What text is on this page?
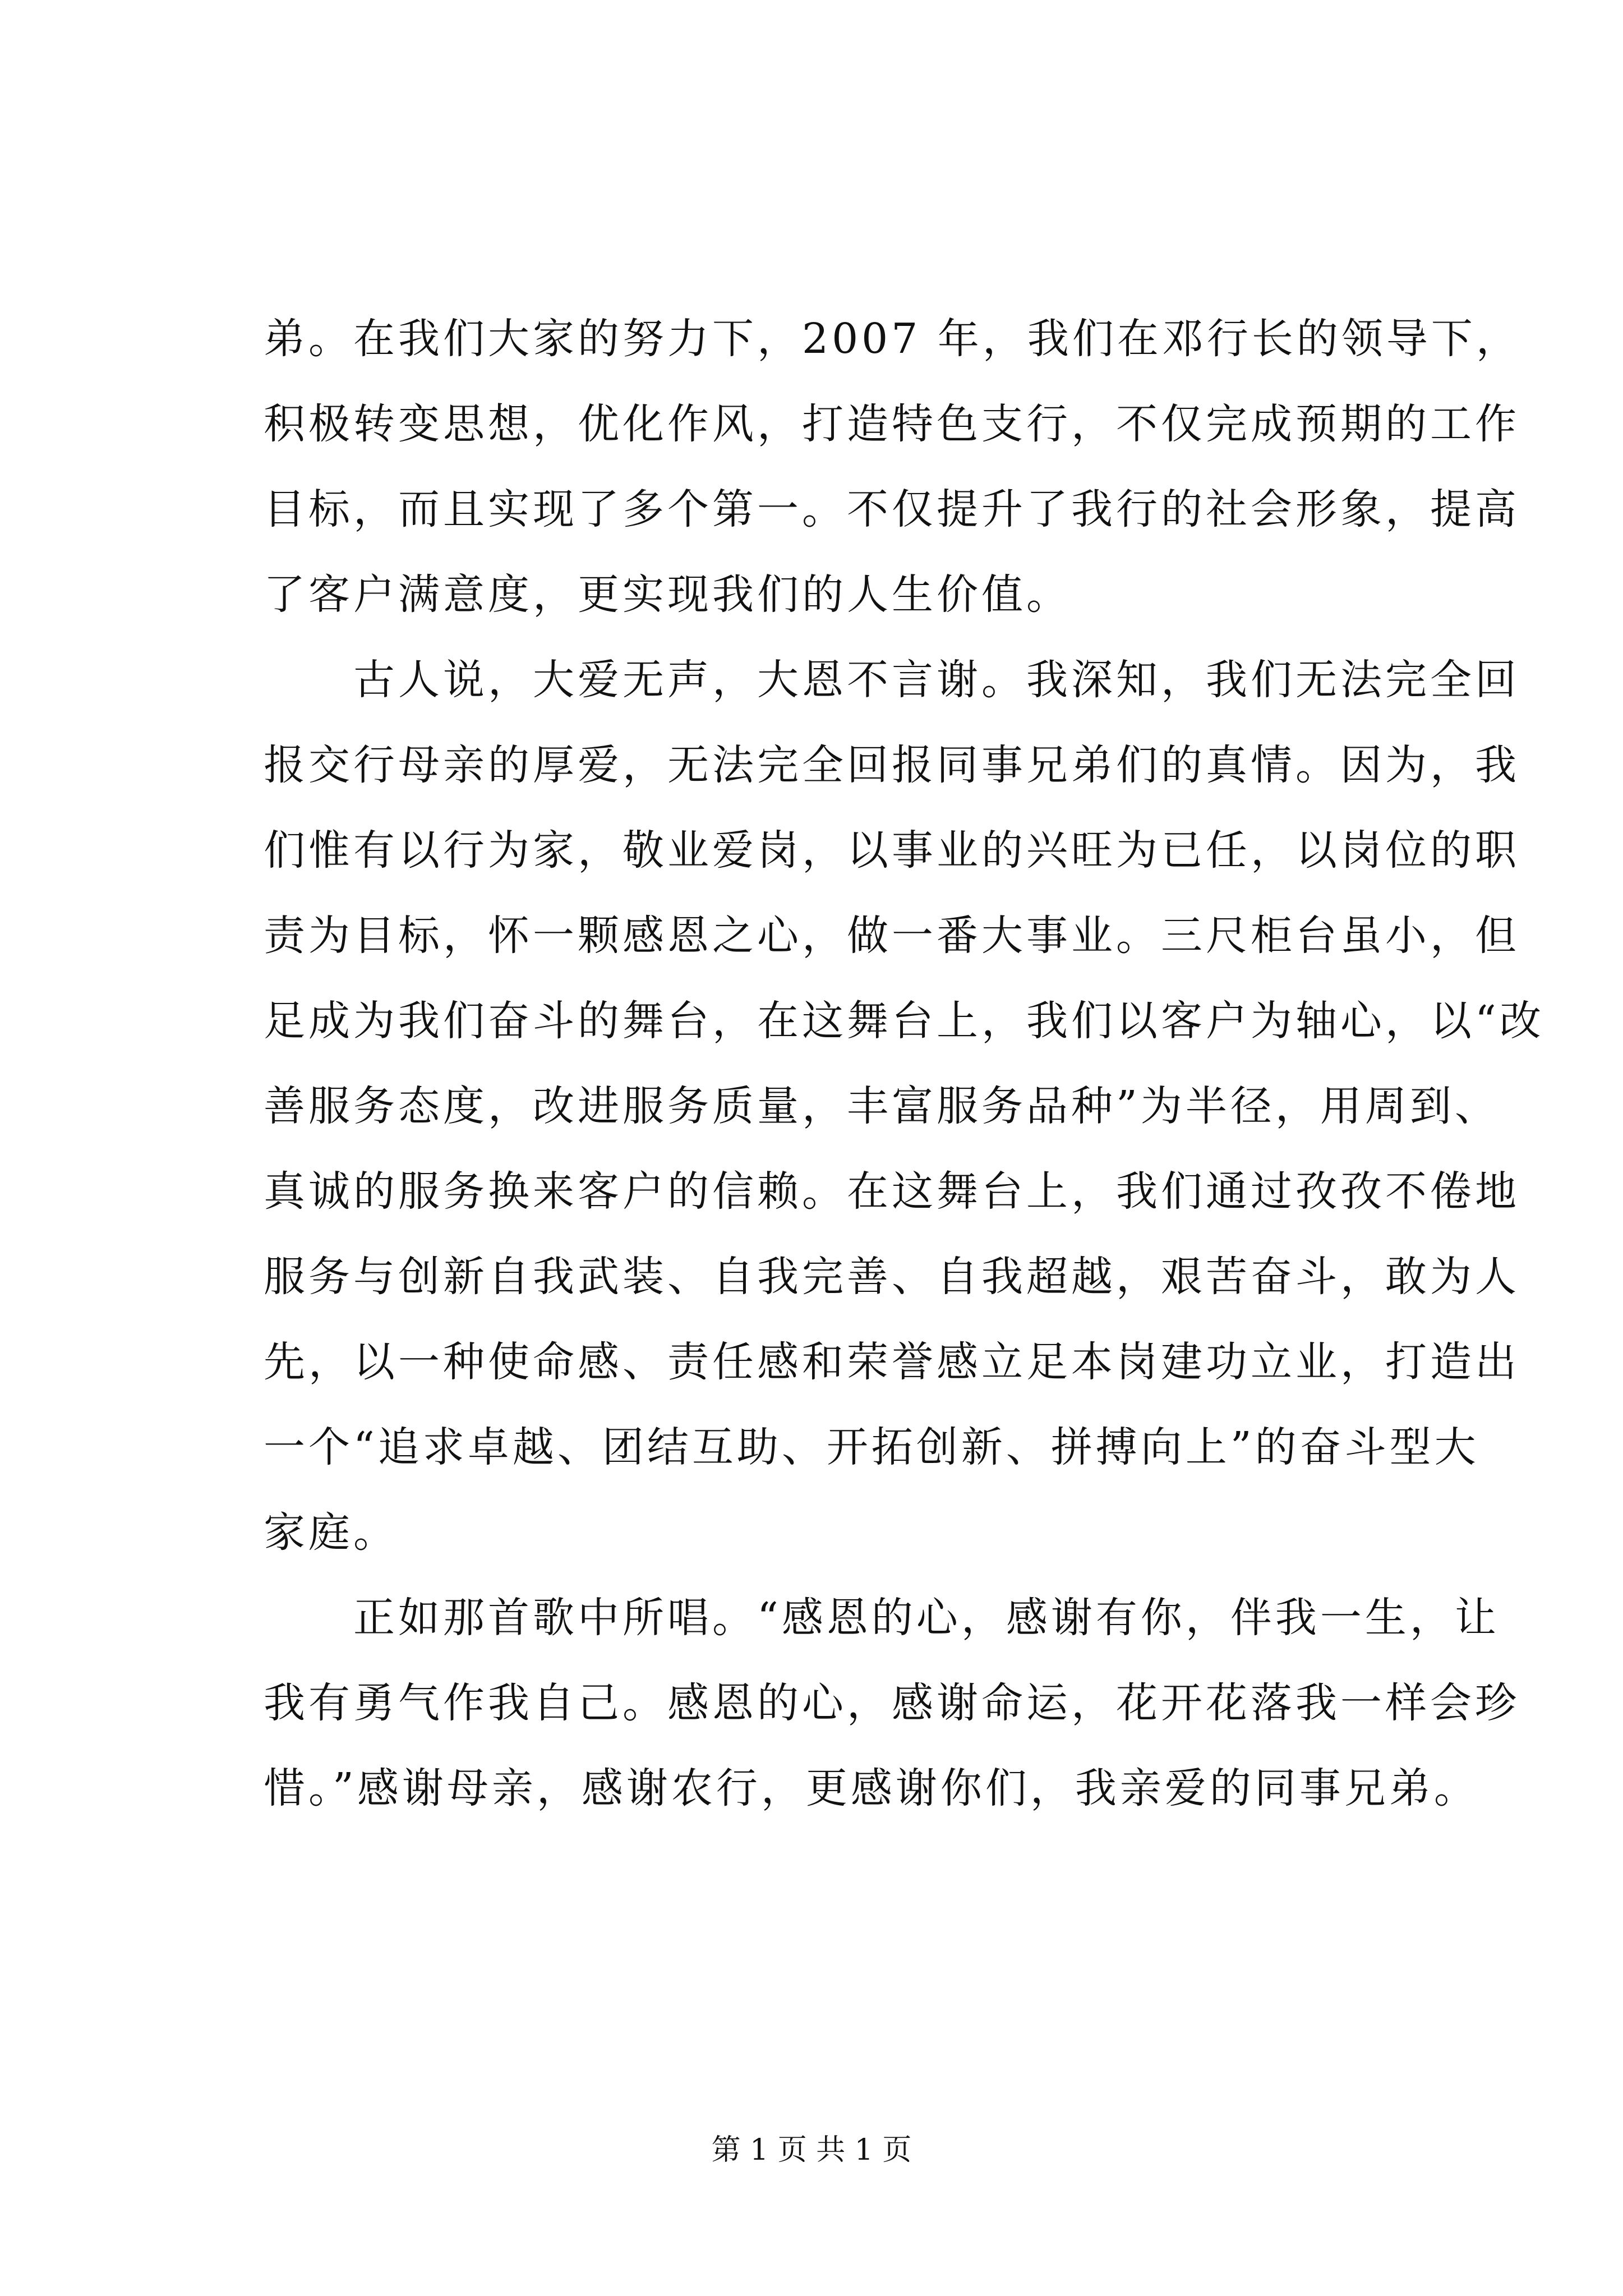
弟。在我们大家的努力下，2007 年，我们在邓行长的领导下，
积极转变思想，优化作风，打造特色支行，不仅完成预期的工作
目标，而且实现了多个第一。不仅提升了我行的社会形象，提高
了客户满意度，更实现我们的人生价值。
　　古人说，大爱无声，大恩不言谢。我深知，我们无法完全回
报交行母亲的厚爱，无法完全回报同事兄弟们的真情。因为，我
们惟有以行为家，敬业爱岗，以事业的兴旺为已任，以岗位的职
责为目标，怀一颗感恩之心，做一番大事业。三尺柜台虽小，但
足成为我们奋斗的舞台，在这舞台上，我们以客户为轴心，以“改
善服务态度，改进服务质量，丰富服务品种”为半径，用周到、
真诚的服务换来客户的信赖。在这舞台上，我们通过孜孜不倦地
服务与创新自我武装、自我完善、自我超越，艰苦奋斗，敢为人
先，以一种使命感、责任感和荣誉感立足本岗建功立业，打造出
一个“追求卓越、团结互助、开拓创新、拼搏向上”的奋斗型大
家庭。
　　正如那首歌中所唱。“感恩的心，感谢有你，伴我一生，让
我有勇气作我自己。感恩的心，感谢命运，花开花落我一样会珍
惜。”感谢母亲，感谢农行，更感谢你们，我亲爱的同事兄弟。
第 1 页 共 1 页
